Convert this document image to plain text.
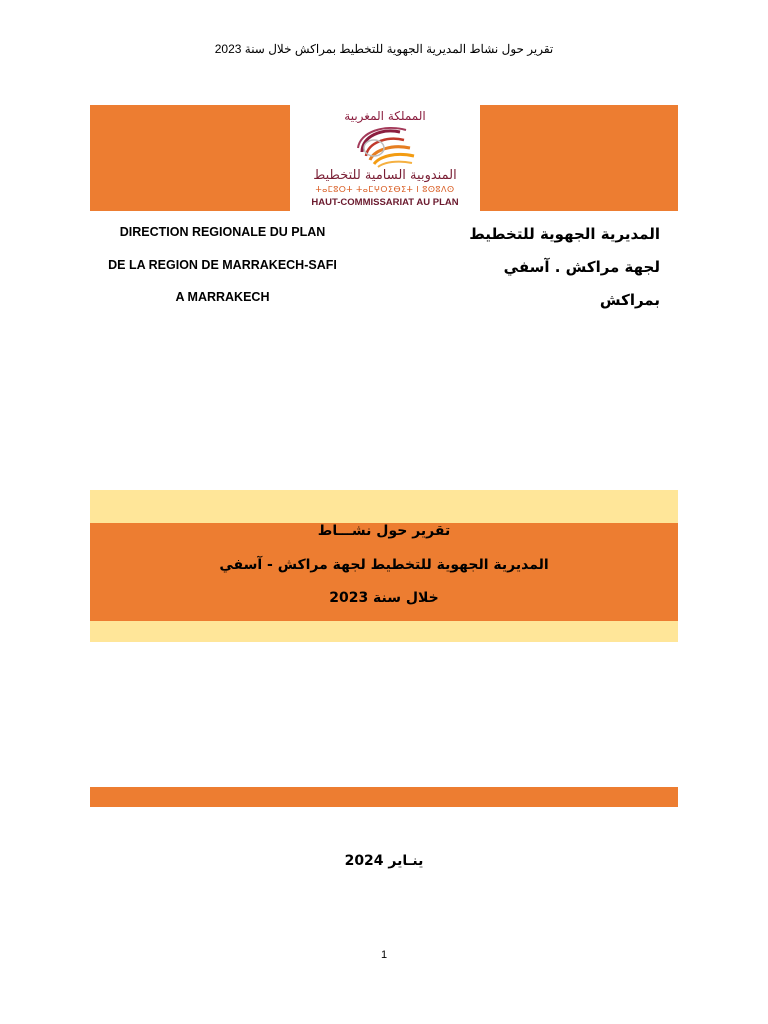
تقرير حول نشاط المديرية الجهوية للتخطيط بمراكش خلال سنة 2023
المملكة المغربية
المندوبية السامية للتخطيط
ⵜⴰⵎⵓⵔⵜ ⵜⴰⵎⵖⵔⵉⴱⵉⵜ ⵏ ⵓⵙⵓⴷⵙ
HAUT-COMMISSARIAT AU PLAN
DIRECTION REGIONALE DU PLAN
DE LA REGION DE MARRAKECH-SAFI
A MARRAKECH
المديرية الجهوية للتخطيط
لجهة مراكش . آسفي
بمراكش
تقرير حول نشـــاط
المديرية الجهوية للتخطيط لجهة مراكش - آسفي
خلال سنة 2023
ينـاير 2024
1
